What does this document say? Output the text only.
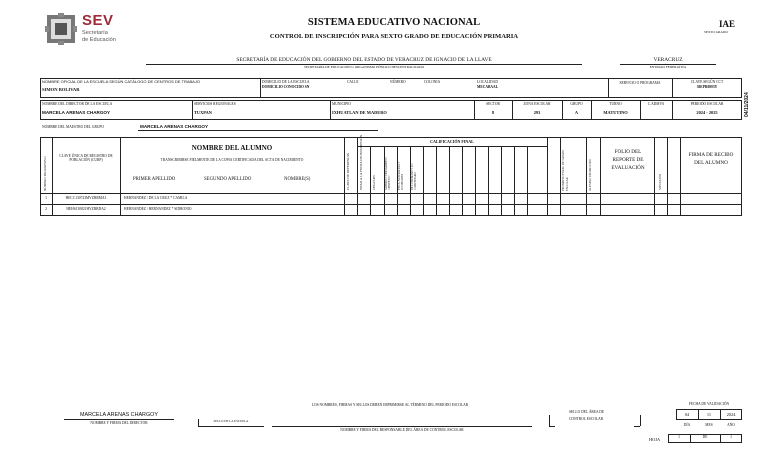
SEV
Secretaría
de Educación
SISTEMA EDUCATIVO NACIONAL
CONTROL DE INSCRIPCIÓN PARA SEXTO GRADO DE EDUCACIÓN PRIMARIA
IAE
SEXTO GRADO
SECRETARÍA DE EDUCACIÓN DEL GOBIERNO DEL ESTADO DE VERACRUZ DE IGNACIO DE LA LLAVE
SECRETARÍA DE EDUCACIÓN U ORGANISMO PÚBLICO DESCENTRALIZADO
VERACRUZ
ENTIDAD FEDERATIVA
04/11/2024
NOMBRE OFICIAL DE LA ESCUELA SEGÚN CATÁLOGO DE CENTROS DE TRABAJO
SIMON BOLIVAR
DOMICILIO DE LA ESCUELA
DOMICILIO CONOCIDO SN
CALLE	NÚMERO	COLONIA	LOCALIDAD
MECABAAL
SERVICIO O PROGRAMA	CLAVE SEGÚN CCT
30EPR0803Y
NOMBRE DEL DIRECTOR DE LA ESCUELA
MARCELA ARENAS CHARGOY
SERVICIOS REGIONALES
TUXPAN
MUNICIPIO
IXHUATLAN DE MADERO
SECTOR
8
ZONA ESCOLAR
293
GRUPO
A
TURNO
MATUTINO
C.ADMVA	PERIODO ESCOLAR
2024 - 2025
NOMBRE DEL MAESTRO DEL GRUPO	MARCELA ARENAS CHARGOY
NÚMERO PROGRESIVO
CLAVE ÚNICA DE REGISTRO DE POBLACIÓN (CURP)
NOMBRE DEL ALUMNO
TRANSCRIBIRSE FIELMENTE DE LA COPIA CERTIFICADA DEL ACTA DE NACIMIENTO
PRIMER APELLIDO	SEGUNDO APELLIDO	NOMBRE(S)	CLAVE DE REFERENCIA	EDAD A LA FECHA DE INSCRIPCIÓN	CALIFICACIÓN FINAL
LENGUAJES	SABERES Y PENSAMIENTO CIENTÍFICO	ÉTICA, NATURALEZA Y SOCIEDADES	DE LO HUMANO Y LO COMUNITARIO	PROMEDIO FINAL DE GRADO ESCOLAR	ALUMNO PROMOVIDO
FOLIO DEL REPORTE DE EVALUACIÓN
SITUACIÓN
FIRMA DE RECIBO DEL ALUMNO
1	HECC130723MVZRRMA1	HERNANDEZ / DE LA CRUZ * CAMILA
2	HEHS130821HVZRRDA2	HERNANDEZ / HERNANDEZ * SIDRONIO
LOS NOMBRES, FIRMAS Y SELLOS DEBEN IMPRIMIRSE AL TÉRMINO DEL PERIODO ESCOLAR
MARCELA ARENAS CHARGOY
NOMBRE Y FIRMA DEL DIRECTOR	SELLO DE LA ESCUELA
NOMBRE Y FIRMA DEL RESPONSABLE DEL ÁREA DE CONTROL ESCOLAR
SELLO DEL ÁREA DE
CONTROL ESCOLAR
FECHA DE VALIDACIÓN
04	11	2024
DÍA	MES	AÑO
HOJA	1	DE	1
